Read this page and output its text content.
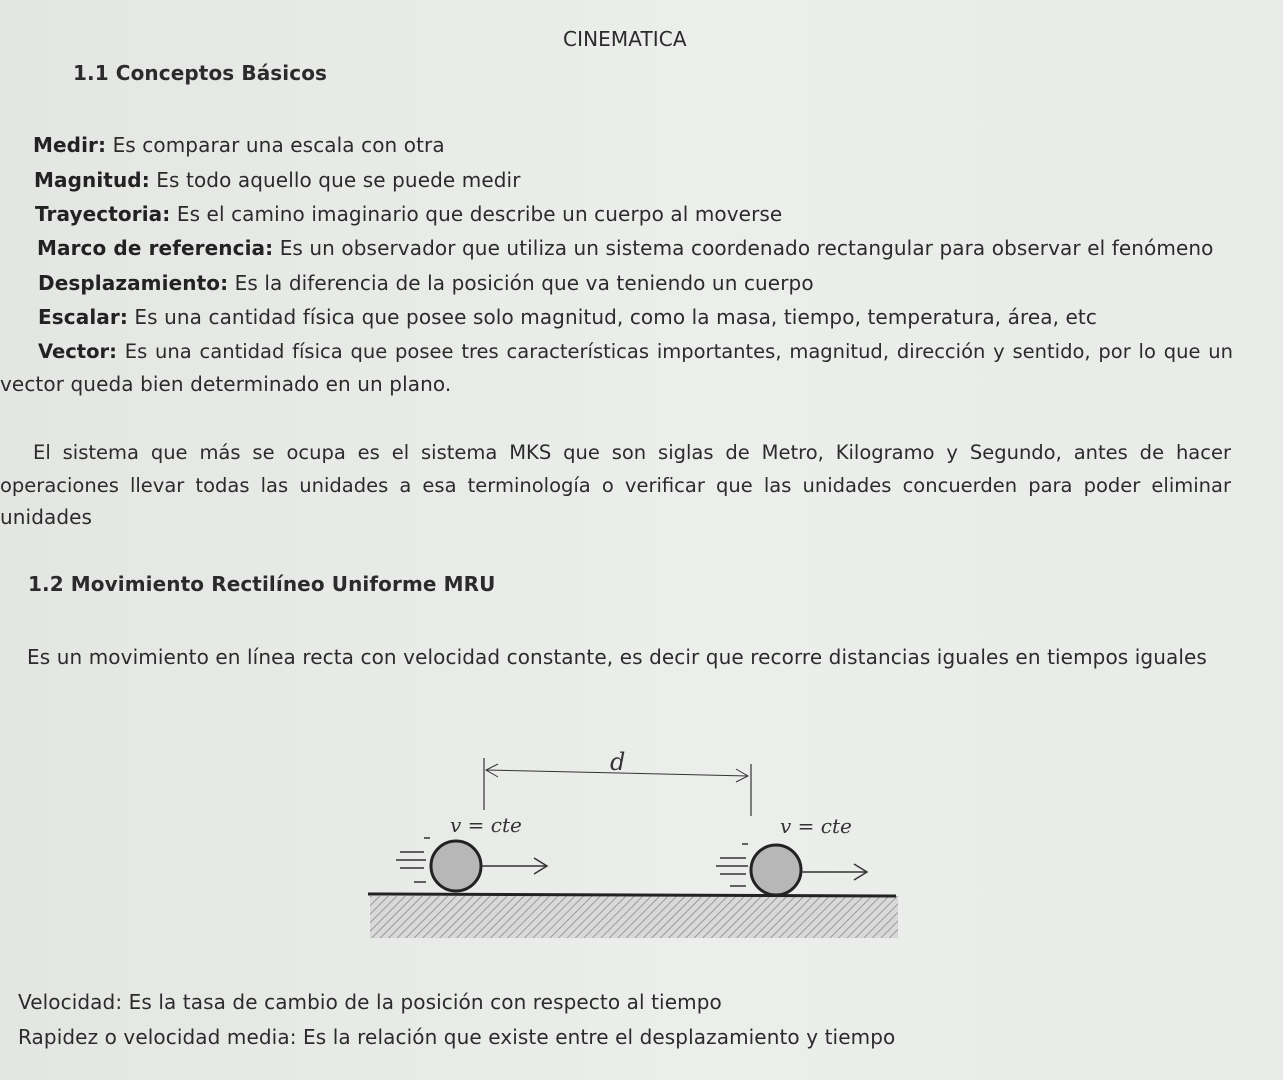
CINEMATICA
1.1 Conceptos Básicos
Medir: Es comparar una escala con otra
Magnitud: Es todo aquello que se puede medir
Trayectoria: Es el camino imaginario que describe un cuerpo al moverse
Marco de referencia: Es un observador que utiliza un sistema coordenado rectangular para observar el fenómeno
Desplazamiento: Es la diferencia de la posición que va teniendo un cuerpo
Escalar: Es una cantidad física que posee solo magnitud, como la masa, tiempo, temperatura, área, etc
Vector: Es una cantidad física que posee tres características importantes, magnitud, dirección y sentido, por lo que un
vector queda bien determinado en un plano.
El sistema que más se ocupa es el sistema MKS que son siglas de Metro, Kilogramo y Segundo, antes de hacer
operaciones llevar todas las unidades a esa terminología o verificar que las unidades concuerden para poder eliminar
unidades
1.2 Movimiento Rectilíneo Uniforme MRU
Es un movimiento en línea recta con velocidad constante, es decir que recorre distancias iguales en tiempos iguales
d
v = cte	v = cte
Velocidad: Es la tasa de cambio de la posición con respecto al tiempo
Rapidez o velocidad media: Es la relación que existe entre el desplazamiento y tiempo
